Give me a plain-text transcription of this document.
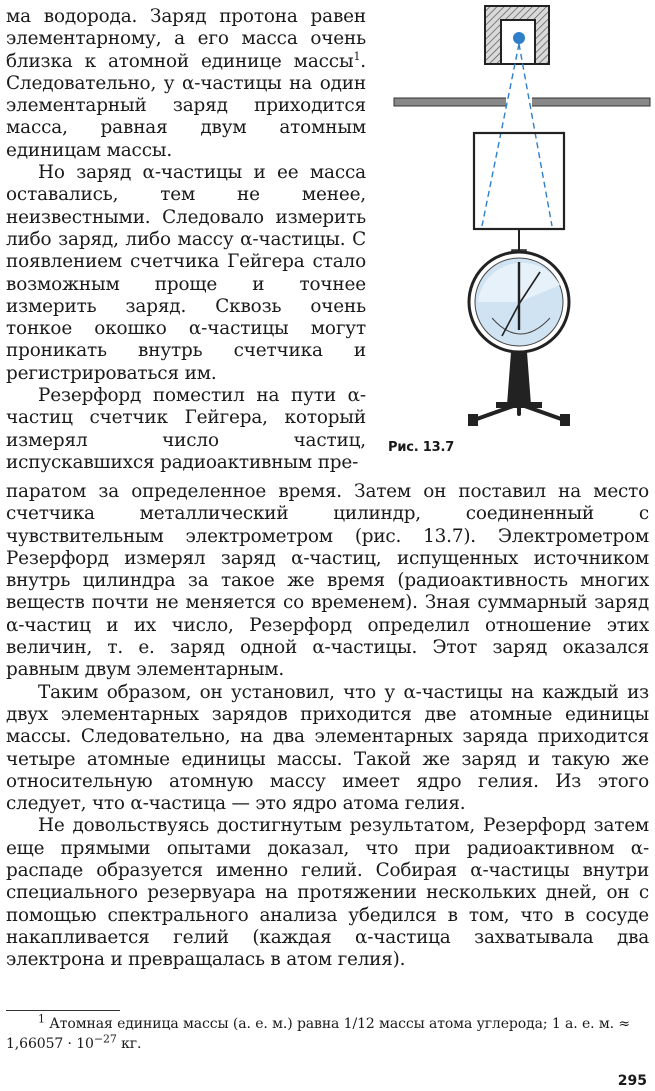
ма водорода. Заряд протона равен элементарному, а его масса очень близка к атомной единице массы$^1$. Следовательно, у α-частицы на один элементарный заряд приходится масса, равная двум атомным единицам массы.

Но заряд α-частицы и ее масса оставались, тем не менее, неизвестными. Следовало измерить либо заряд, либо массу α-частицы. С появлением счетчика Гейгера стало возможным проще и точнее измерить заряд. Сквозь очень тонкое окошко α-частицы могут проникать внутрь счетчика и регистрироваться им.

Резерфорд поместил на пути α-частиц счетчик Гейгера, который измерял число частиц, испускавшихся радиоактивным пре-

Рис. 13.7

паратом за определенное время. Затем он поставил на место счетчика металлический цилиндр, соединенный с чувствительным электрометром (рис. 13.7). Электрометром Резерфорд измерял заряд α-частиц, испущенных источником внутрь цилиндра за такое же время (радиоактивность многих веществ почти не меняется со временем). Зная суммарный заряд α-частиц и их число, Резерфорд определил отношение этих величин, т. е. заряд одной α-частицы. Этот заряд оказался равным двум элементарным.

Таким образом, он установил, что у α-частицы на каждый из двух элементарных зарядов приходится две атомные единицы массы. Следовательно, на два элементарных заряда приходится четыре атомные единицы массы. Такой же заряд и такую же относительную атомную массу имеет ядро гелия. Из этого следует, что α-частица — это ядро атома гелия.

Не довольствуясь достигнутым результатом, Резерфорд затем еще прямыми опытами доказал, что при радиоактивном α-распаде образуется именно гелий. Собирая α-частицы внутри специального резервуара на протяжении нескольких дней, он с помощью спектрального анализа убедился в том, что в сосуде накапливается гелий (каждая α-частица захватывала два электрона и превращалась в атом гелия).

$^1$ Атомная единица массы (а. е. м.) равна 1/12 массы атома углерода; 1 а. е. м. ≈ $1,66057 \cdot 10^{-27}$ кг.
295
